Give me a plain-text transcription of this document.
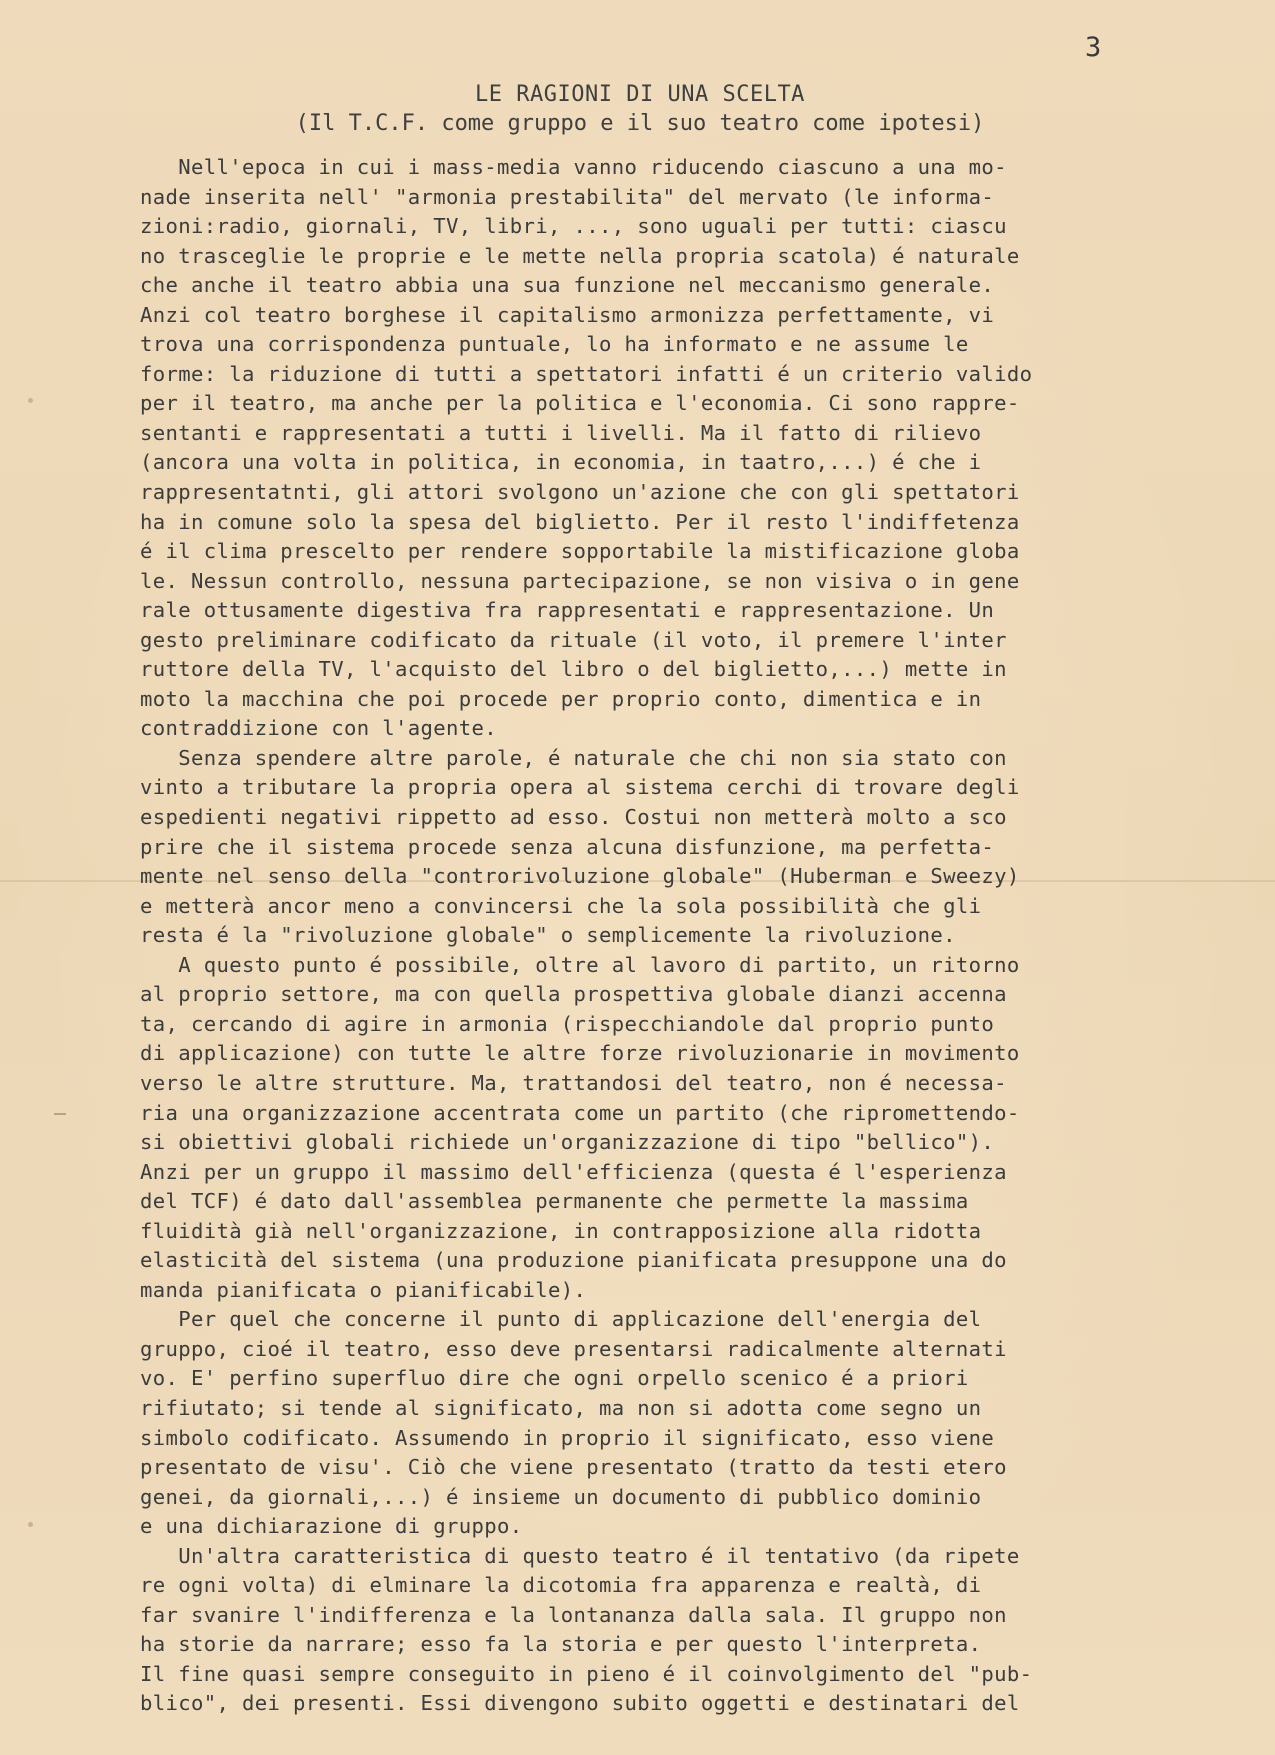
3
LE RAGIONI DI UNA SCELTA
(Il T.C.F. come gruppo e il suo teatro come ipotesi)
Nell'epoca in cui i mass-media vanno riducendo ciascuno a una mo-
nade inserita nell' "armonia prestabilita" del mervato (le informa-
zioni:radio, giornali, TV, libri, ..., sono uguali per tutti: ciascu
no trasceglie le proprie e le mette nella propria scatola) é naturale
che anche il teatro abbia una sua funzione nel meccanismo generale.
Anzi col teatro borghese il capitalismo armonizza perfettamente, vi
trova una corrispondenza puntuale, lo ha informato e ne assume le
forme: la riduzione di tutti a spettatori infatti é un criterio valido
per il teatro, ma anche per la politica e l'economia. Ci sono rappre-
sentanti e rappresentati a tutti i livelli. Ma il fatto di rilievo
(ancora una volta in politica, in economia, in taatro,...) é che i
rappresentatnti, gli attori svolgono un'azione che con gli spettatori
ha in comune solo la spesa del biglietto. Per il resto l'indiffetenza
é il clima prescelto per rendere sopportabile la mistificazione globa
le. Nessun controllo, nessuna partecipazione, se non visiva o in gene
rale ottusamente digestiva fra rappresentati e rappresentazione. Un
gesto preliminare codificato da rituale (il voto, il premere l'inter
ruttore della TV, l'acquisto del libro o del biglietto,...) mette in
moto la macchina che poi procede per proprio conto, dimentica e in
contraddizione con l'agente.
Senza spendere altre parole, é naturale che chi non sia stato con
vinto a tributare la propria opera al sistema cerchi di trovare degli
espedienti negativi rippetto ad esso. Costui non metterà molto a sco
prire che il sistema procede senza alcuna disfunzione, ma perfetta-
mente nel senso della "controrivoluzione globale" (Huberman e Sweezy)
e metterà ancor meno a convincersi che la sola possibilità che gli
resta é la "rivoluzione globale" o semplicemente la rivoluzione.
A questo punto é possibile, oltre al lavoro di partito, un ritorno
al proprio settore, ma con quella prospettiva globale dianzi accenna
ta, cercando di agire in armonia (rispecchiandole dal proprio punto
di applicazione) con tutte le altre forze rivoluzionarie in movimento
verso le altre strutture. Ma, trattandosi del teatro, non é necessa-
ria una organizzazione accentrata come un partito (che ripromettendo-
si obiettivi globali richiede un'organizzazione di tipo "bellico").
Anzi per un gruppo il massimo dell'efficienza (questa é l'esperienza
del TCF) é dato dall'assemblea permanente che permette la massima
fluidità già nell'organizzazione, in contrapposizione alla ridotta
elasticità del sistema (una produzione pianificata presuppone una do
manda pianificata o pianificabile).
Per quel che concerne il punto di applicazione dell'energia del
gruppo, cioé il teatro, esso deve presentarsi radicalmente alternati
vo. E' perfino superfluo dire che ogni orpello scenico é a priori
rifiutato; si tende al significato, ma non si adotta come segno un
simbolo codificato. Assumendo in proprio il significato, esso viene
presentato de visu'. Ciò che viene presentato (tratto da testi etero
genei, da giornali,...) é insieme un documento di pubblico dominio
e una dichiarazione di gruppo.
Un'altra caratteristica di questo teatro é il tentativo (da ripete
re ogni volta) di elminare la dicotomia fra apparenza e realtà, di
far svanire l'indifferenza e la lontananza dalla sala. Il gruppo non
ha storie da narrare; esso fa la storia e per questo l'interpreta.
Il fine quasi sempre conseguito in pieno é il coinvolgimento del "pub-
blico", dei presenti. Essi divengono subito oggetti e destinatari del
